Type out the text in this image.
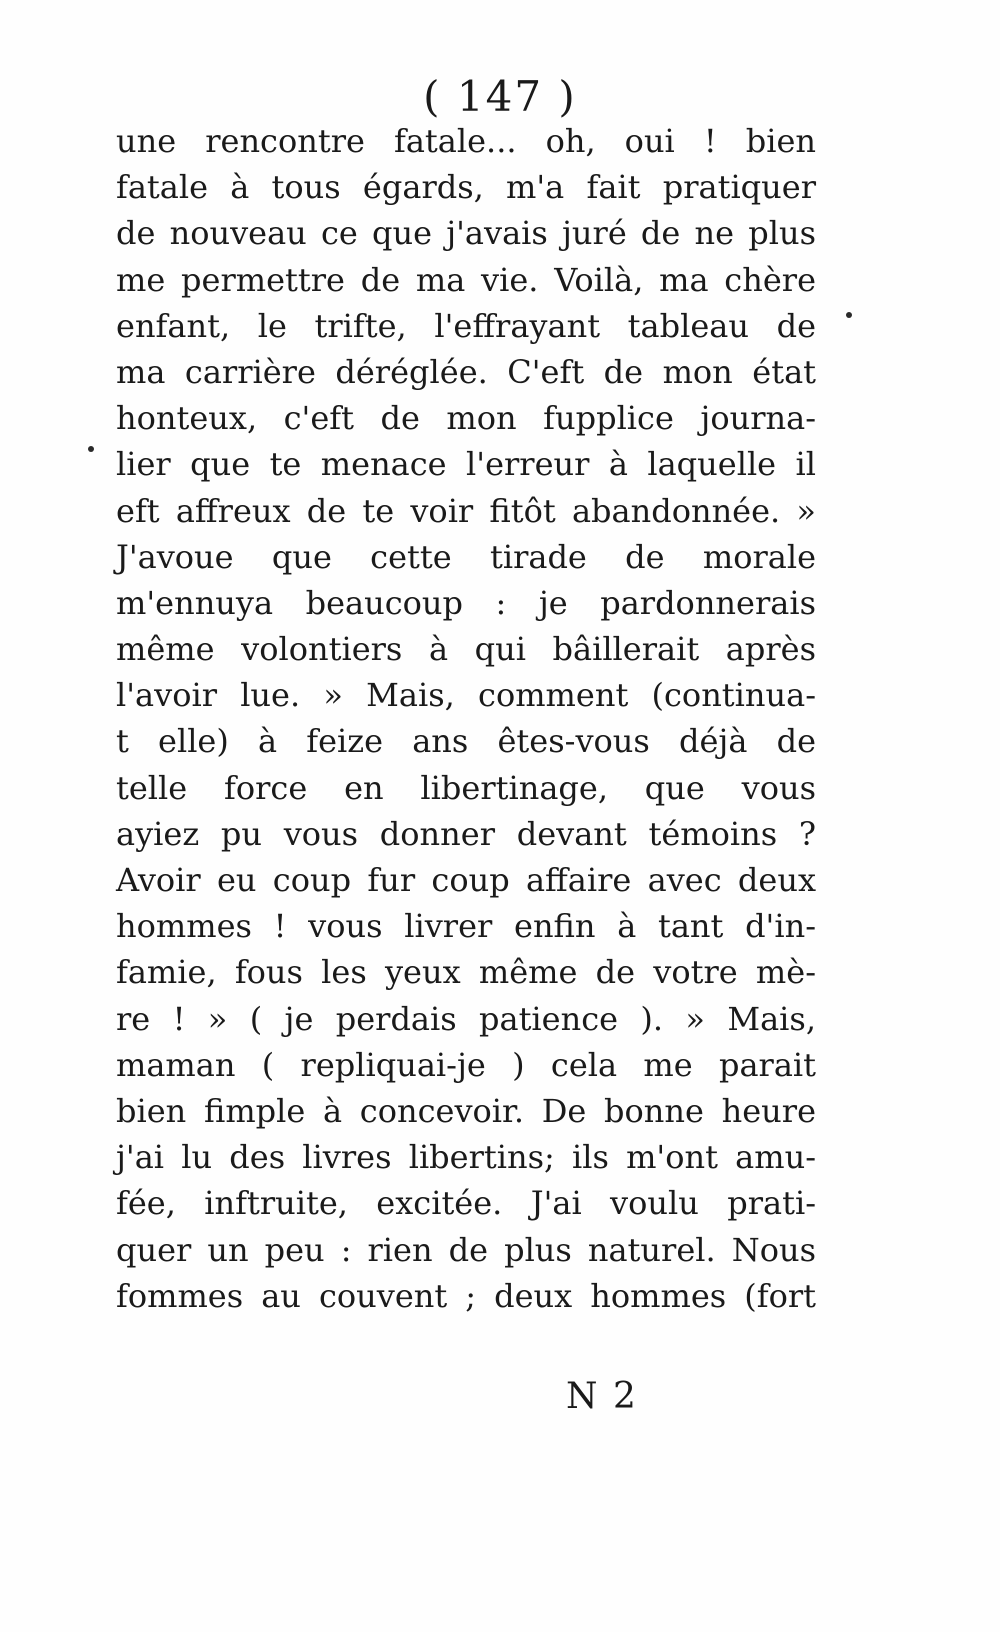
( 147 )
une rencontre fatale... oh, oui ! bien
fatale à tous égards, m'a fait pratiquer
de nouveau ce que j'avais juré de ne plus
me permettre de ma vie. Voilà, ma chère
enfant, le trifte, l'effrayant tableau de
ma carrière déréglée. C'eft de mon état
honteux, c'eft de mon fupplice journa-
lier que te menace l'erreur à laquelle il
eft affreux de te voir fitôt abandonnée. »
J'avoue que cette tirade de morale
m'ennuya beaucoup : je pardonnerais
même volontiers à qui bâillerait après
l'avoir lue. » Mais, comment (continua-
t elle) à feize ans êtes-vous déjà de
telle force en libertinage, que vous
ayiez pu vous donner devant témoins ?
Avoir eu coup fur coup affaire avec deux
hommes ! vous livrer enfin à tant d'in-
famie, fous les yeux même de votre mè-
re ! » ( je perdais patience ). » Mais,
maman ( repliquai-je ) cela me parait
bien fimple à concevoir. De bonne heure
j'ai lu des livres libertins; ils m'ont amu-
fée, inftruite, excitée. J'ai voulu prati-
quer un peu : rien de plus naturel. Nous
fommes au couvent ; deux hommes (fort
N 2
